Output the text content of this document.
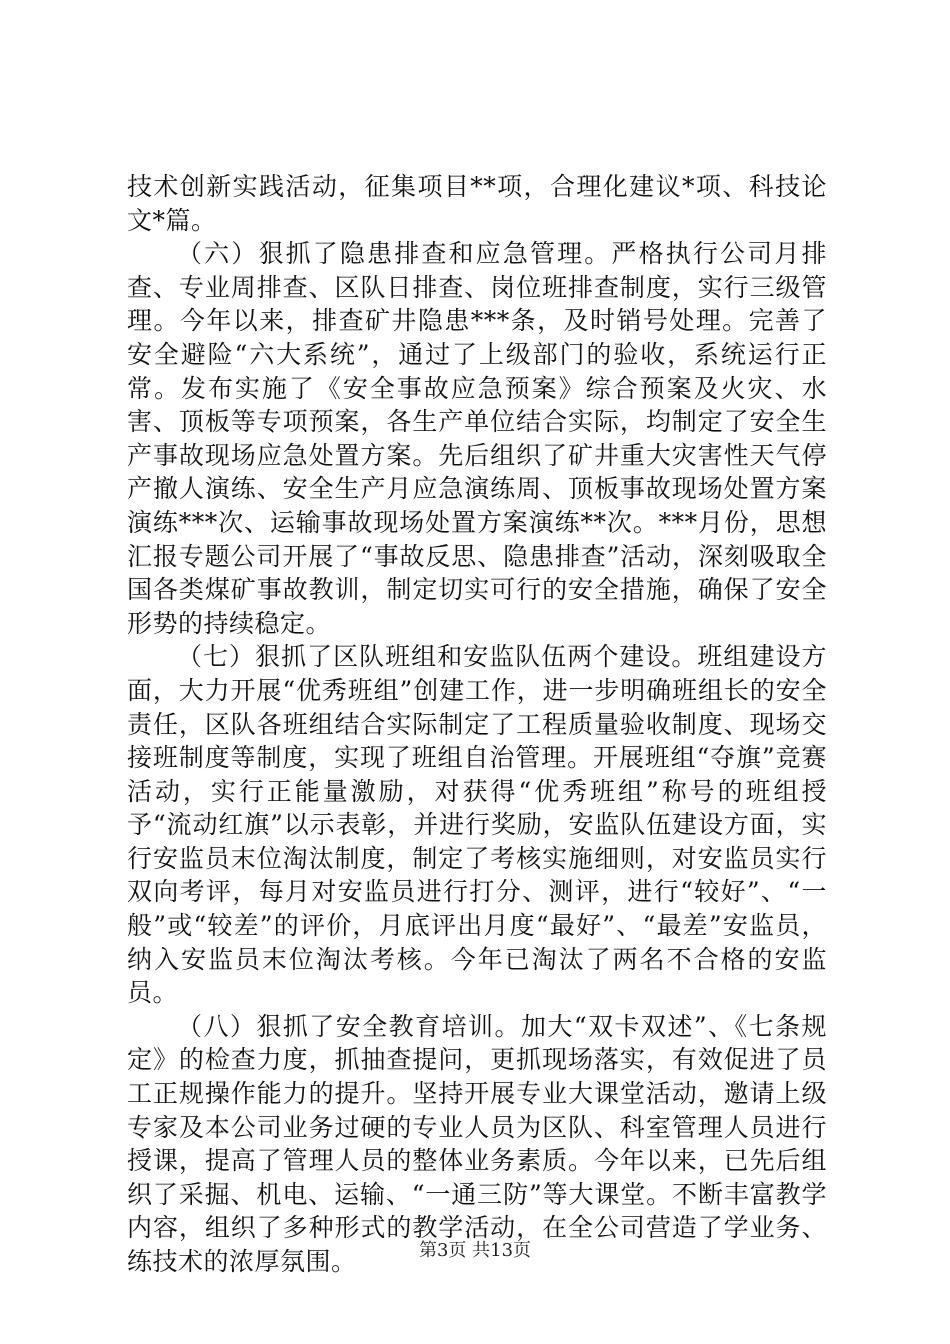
技术创新实践活动，征集项目**项，合理化建议*项、科技论文*篇。

（六）狠抓了隐患排查和应急管理。严格执行公司月排查、专业周排查、区队日排查、岗位班排查制度，实行三级管理。今年以来，排查矿井隐患***条，及时销号处理。完善了安全避险“六大系统”，通过了上级部门的验收，系统运行正常。发布实施了《安全事故应急预案》综合预案及火灾、水害、顶板等专项预案，各生产单位结合实际，均制定了安全生产事故现场应急处置方案。先后组织了矿井重大灾害性天气停产撤人演练、安全生产月应急演练周、顶板事故现场处置方案演练***次、运输事故现场处置方案演练**次。***月份，思想汇报专题公司开展了“事故反思、隐患排查”活动，深刻吸取全国各类煤矿事故教训，制定切实可行的安全措施，确保了安全形势的持续稳定。

（七）狠抓了区队班组和安监队伍两个建设。班组建设方面，大力开展“优秀班组”创建工作，进一步明确班组长的安全责任，区队各班组结合实际制定了工程质量验收制度、现场交接班制度等制度，实现了班组自治管理。开展班组“夺旗”竞赛活动，实行正能量激励，对获得“优秀班组”称号的班组授予“流动红旗”以示表彰，并进行奖励，安监队伍建设方面，实行安监员末位淘汰制度，制定了考核实施细则，对安监员实行双向考评，每月对安监员进行打分、测评，进行“较好”、“一般”或“较差”的评价，月底评出月度“最好”、“最差”安监员，纳入安监员末位淘汰考核。今年已淘汰了两名不合格的安监员。

（八）狠抓了安全教育培训。加大“双卡双述”、《七条规定》的检查力度，抓抽查提问，更抓现场落实，有效促进了员工正规操作能力的提升。坚持开展专业大课堂活动，邀请上级专家及本公司业务过硬的专业人员为区队、科室管理人员进行授课，提高了管理人员的整体业务素质。今年以来，已先后组织了采掘、机电、运输、“一通三防”等大课堂。不断丰富教学内容，组织了多种形式的教学活动，在全公司营造了学业务、练技术的浓厚氛围。	第3页 共13页
